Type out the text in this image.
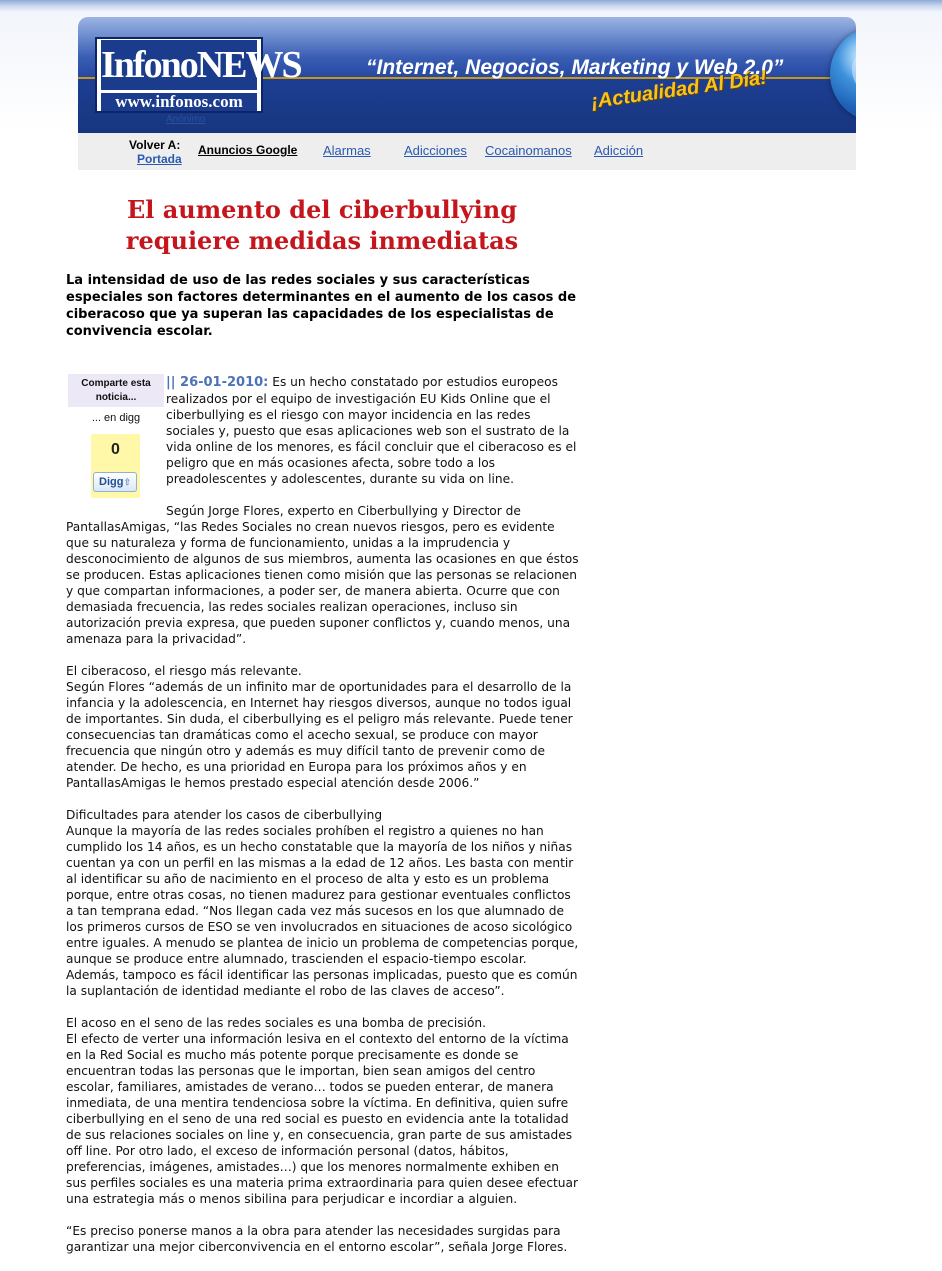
InfonoNEWS
www.infonos.com
Anónimo
“Internet, Negocios, Marketing y Web 2.0”
¡Actualidad Al Día!
Volver A:
Portada
Anuncios Google Alarmas	Adicciones Cocainomanos Adicción
El aumento del ciberbullying requiere medidas inmediatas

La intensidad de uso de las redes sociales y sus características especiales son factores determinantes en el aumento de los casos de ciberacoso que ya superan las capacidades de los especialistas de convivencia escolar.

|| 26-01-2010: Es un hecho constatado por estudios europeos realizados por el equipo de investigación EU Kids Online que el ciberbullying es el riesgo con mayor incidencia en las redes sociales y, puesto que esas aplicaciones web son el sustrato de la vida online de los menores, es fácil concluir que el ciberacoso es el peligro que en más ocasiones afecta, sobre todo a los preadolescentes y adolescentes, durante su vida on line.

Según Jorge Flores, experto en Ciberbullying y Director de PantallasAmigas, “las Redes Sociales no crean nuevos riesgos, pero es evidente que su naturaleza y forma de funcionamiento, unidas a la imprudencia y desconocimiento de algunos de sus miembros, aumenta las ocasiones en que éstos se producen. Estas aplicaciones tienen como misión que las personas se relacionen y que compartan informaciones, a poder ser, de manera abierta. Ocurre que con demasiada frecuencia, las redes sociales realizan operaciones, incluso sin autorización previa expresa, que pueden suponer conflictos y, cuando menos, una amenaza para la privacidad”.

El ciberacoso, el riesgo más relevante.
Según Flores “además de un infinito mar de oportunidades para el desarrollo de la infancia y la adolescencia, en Internet hay riesgos diversos, aunque no todos igual de importantes. Sin duda, el ciberbullying es el peligro más relevante. Puede tener consecuencias tan dramáticas como el acecho sexual, se produce con mayor frecuencia que ningún otro y además es muy difícil tanto de prevenir como de atender. De hecho, es una prioridad en Europa para los próximos años y en PantallasAmigas le hemos prestado especial atención desde 2006.”

Dificultades para atender los casos de ciberbullying
Aunque la mayoría de las redes sociales prohíben el registro a quienes no han cumplido los 14 años, es un hecho constatable que la mayoría de los niños y niñas cuentan ya con un perfil en las mismas a la edad de 12 años. Les basta con mentir al identificar su año de nacimiento en el proceso de alta y esto es un problema porque, entre otras cosas, no tienen madurez para gestionar eventuales conflictos a tan temprana edad. “Nos llegan cada vez más sucesos en los que alumnado de los primeros cursos de ESO se ven involucrados en situaciones de acoso sicológico entre iguales. A menudo se plantea de inicio un problema de competencias porque, aunque se produce entre alumnado, trascienden el espacio-tiempo escolar. Además, tampoco es fácil identificar las personas implicadas, puesto que es común la suplantación de identidad mediante el robo de las claves de acceso”.

El acoso en el seno de las redes sociales es una bomba de precisión.
El efecto de verter una información lesiva en el contexto del entorno de la víctima en la Red Social es mucho más potente porque precisamente es donde se encuentran todas las personas que le importan, bien sean amigos del centro escolar, familiares, amistades de verano… todos se pueden enterar, de manera inmediata, de una mentira tendenciosa sobre la víctima. En definitiva, quien sufre ciberbullying en el seno de una red social es puesto en evidencia ante la totalidad de sus relaciones sociales on line y, en consecuencia, gran parte de sus amistades off line. Por otro lado, el exceso de información personal (datos, hábitos, preferencias, imágenes, amistades…) que los menores normalmente exhiben en sus perfiles sociales es una materia prima extraordinaria para quien desee efectuar una estrategia más o menos sibilina para perjudicar e incordiar a alguien.

“Es preciso ponerse manos a la obra para atender las necesidades surgidas para garantizar una mejor ciberconvivencia en el entorno escolar”, señala Jorge Flores.

Comparte esta noticia...
... en digg
0
Digg⇧
